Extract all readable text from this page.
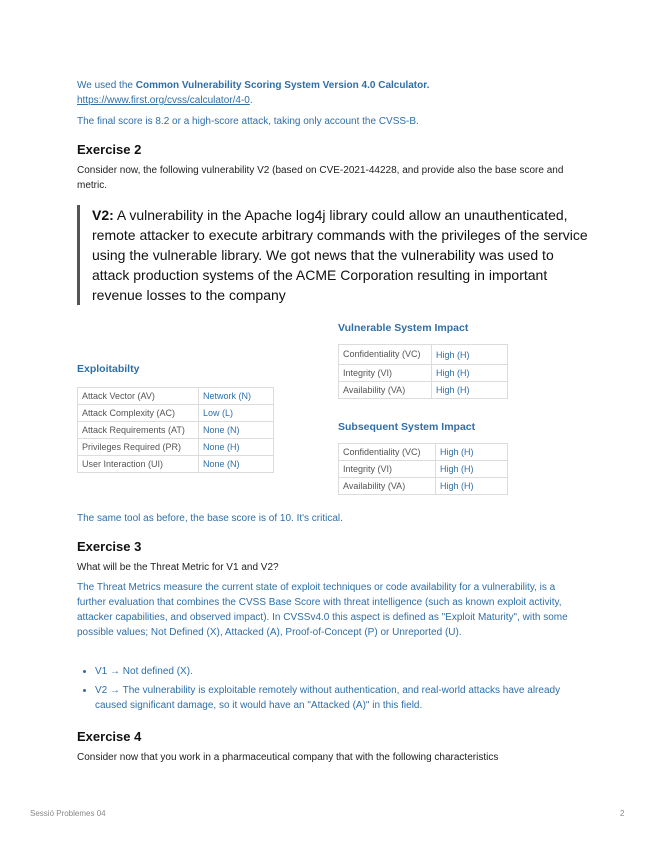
We used the Common Vulnerability Scoring System Version 4.0 Calculator.
https://www.first.org/cvss/calculator/4-0.
The final score is 8.2 or a high-score attack, taking only account the CVSS-B.
Exercise 2
Consider now, the following vulnerability V2 (based on CVE-2021-44228, and provide also the base score and metric.
V2: A vulnerability in the Apache log4j library could allow an unauthenticated, remote attacker to execute arbitrary commands with the privileges of the service using the vulnerable library. We got news that the vulnerability was used to attack production systems of the ACME Corporation resulting in important revenue losses to the company
Exploitabilty
Attack Vector (AV)	Network (N)
Attack Complexity (AC)	Low (L)
Attack Requirements (AT)	None (N)
Privileges Required (PR)	None (H)
User Interaction (UI)	None (N)
Vulnerable System Impact
Confidentiality (VC)	High (H)
Integrity (VI)	High (H)
Availability (VA)	High (H)
Subsequent System Impact
Confidentiality (VC)	High (H)
Integrity (VI)	High (H)
Availability (VA)	High (H)
The same tool as before, the base score is of 10. It's critical.
Exercise 3
What will be the Threat Metric for V1 and V2?
The Threat Metrics measure the current state of exploit techniques or code availability for a vulnerability, is a further evaluation that combines the CVSS Base Score with threat intelligence (such as known exploit activity, attacker capabilities, and observed impact). In CVSSv4.0 this aspect is defined as "Exploit Maturity", with some possible values; Not Defined (X), Attacked (A), Proof-of-Concept (P) or Unreported (U).
• V1 → Not defined (X).
• V2 → The vulnerability is exploitable remotely without authentication, and real-world attacks have already caused significant damage, so it would have an "Attacked (A)" in this field.
Exercise 4
Consider now that you work in a pharmaceutical company that with the following characteristics
Sessió Problemes 04	2
